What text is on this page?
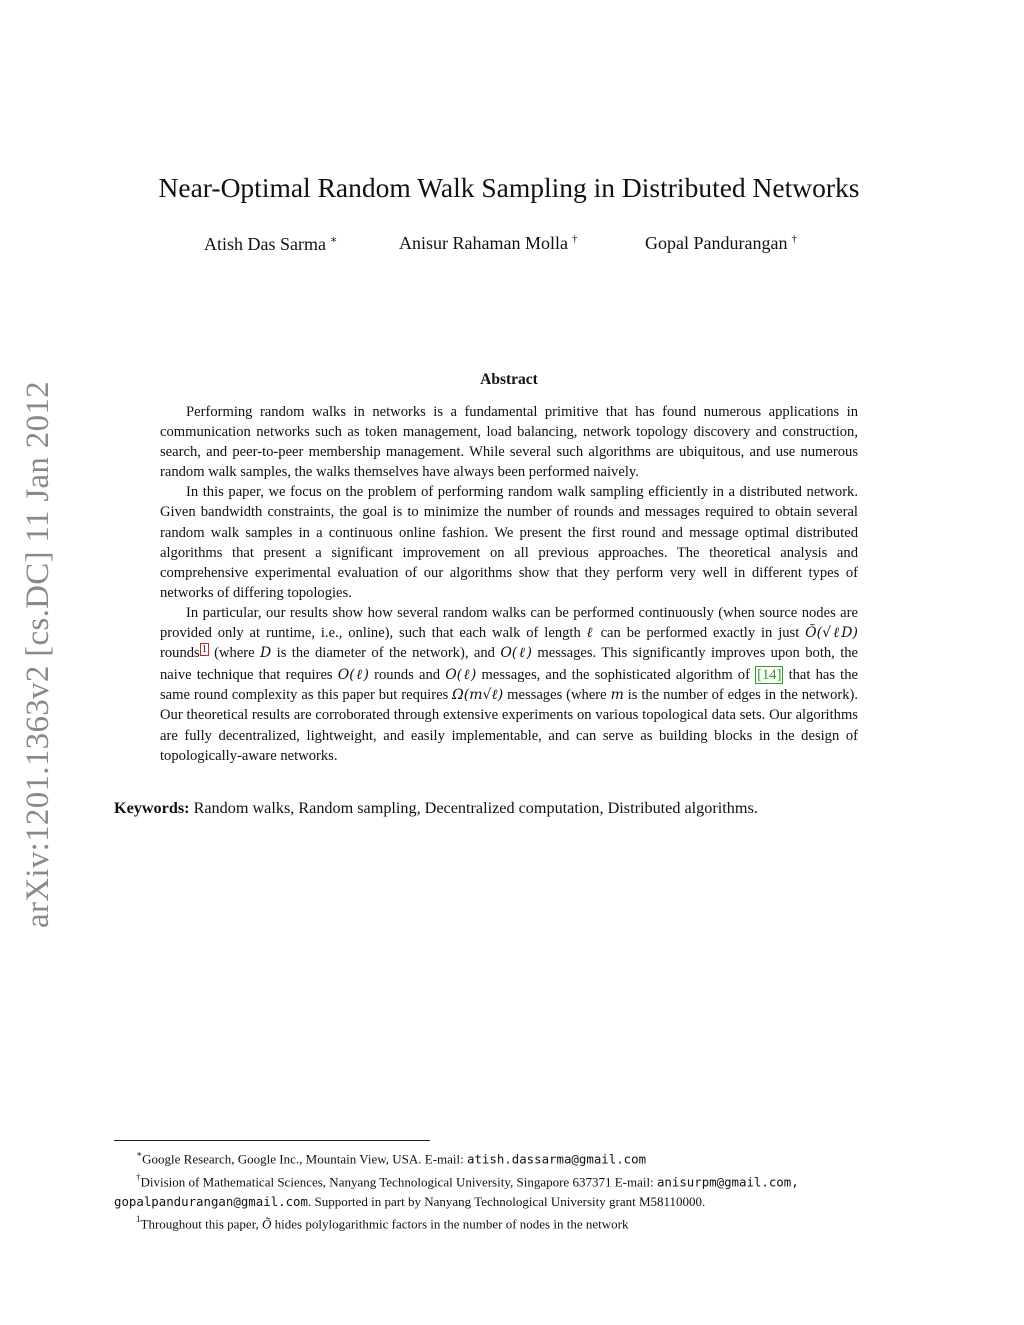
arXiv:1201.1363v2 [cs.DC] 11 Jan 2012
Near-Optimal Random Walk Sampling in Distributed Networks
Atish Das Sarma ∗	Anisur Rahaman Molla †	Gopal Pandurangan †
Abstract

Performing random walks in networks is a fundamental primitive that has found numerous applications in communication networks such as token management, load balancing, network topology discovery and construction, search, and peer-to-peer membership management. While several such algorithms are ubiquitous, and use numerous random walk samples, the walks themselves have always been performed naively.

In this paper, we focus on the problem of performing random walk sampling efficiently in a distributed network. Given bandwidth constraints, the goal is to minimize the number of rounds and messages required to obtain several random walk samples in a continuous online fashion. We present the first round and message optimal distributed algorithms that present a significant improvement on all previous approaches. The theoretical analysis and comprehensive experimental evaluation of our algorithms show that they perform very well in different types of networks of differing topologies.

In particular, our results show how several random walks can be performed continuously (when source nodes are provided only at runtime, i.e., online), such that each walk of length ℓ can be performed exactly in just Õ(√ℓD) rounds $^1$ (where D is the diameter of the network), and O(ℓ) messages. This significantly improves upon both, the naive technique that requires O(ℓ) rounds and O(ℓ) messages, and the sophisticated algorithm of [14] that has the same round complexity as this paper but requires Ω(m√ℓ) messages (where m is the number of edges in the network). Our theoretical results are corroborated through extensive experiments on various topological data sets. Our algorithms are fully decentralized, lightweight, and easily implementable, and can serve as building blocks in the design of topologically-aware networks.

Keywords: Random walks, Random sampling, Decentralized computation, Distributed algorithms.
∗Google Research, Google Inc., Mountain View, USA. E-mail: atish.dassarma@gmail.com
†Division of Mathematical Sciences, Nanyang Technological University, Singapore 637371 E-mail: anisurpm@gmail.com,
gopalpandurangan@gmail.com. Supported in part by Nanyang Technological University grant M58110000.
$^1$Throughout this paper, Õ hides polylogarithmic factors in the number of nodes in the network
